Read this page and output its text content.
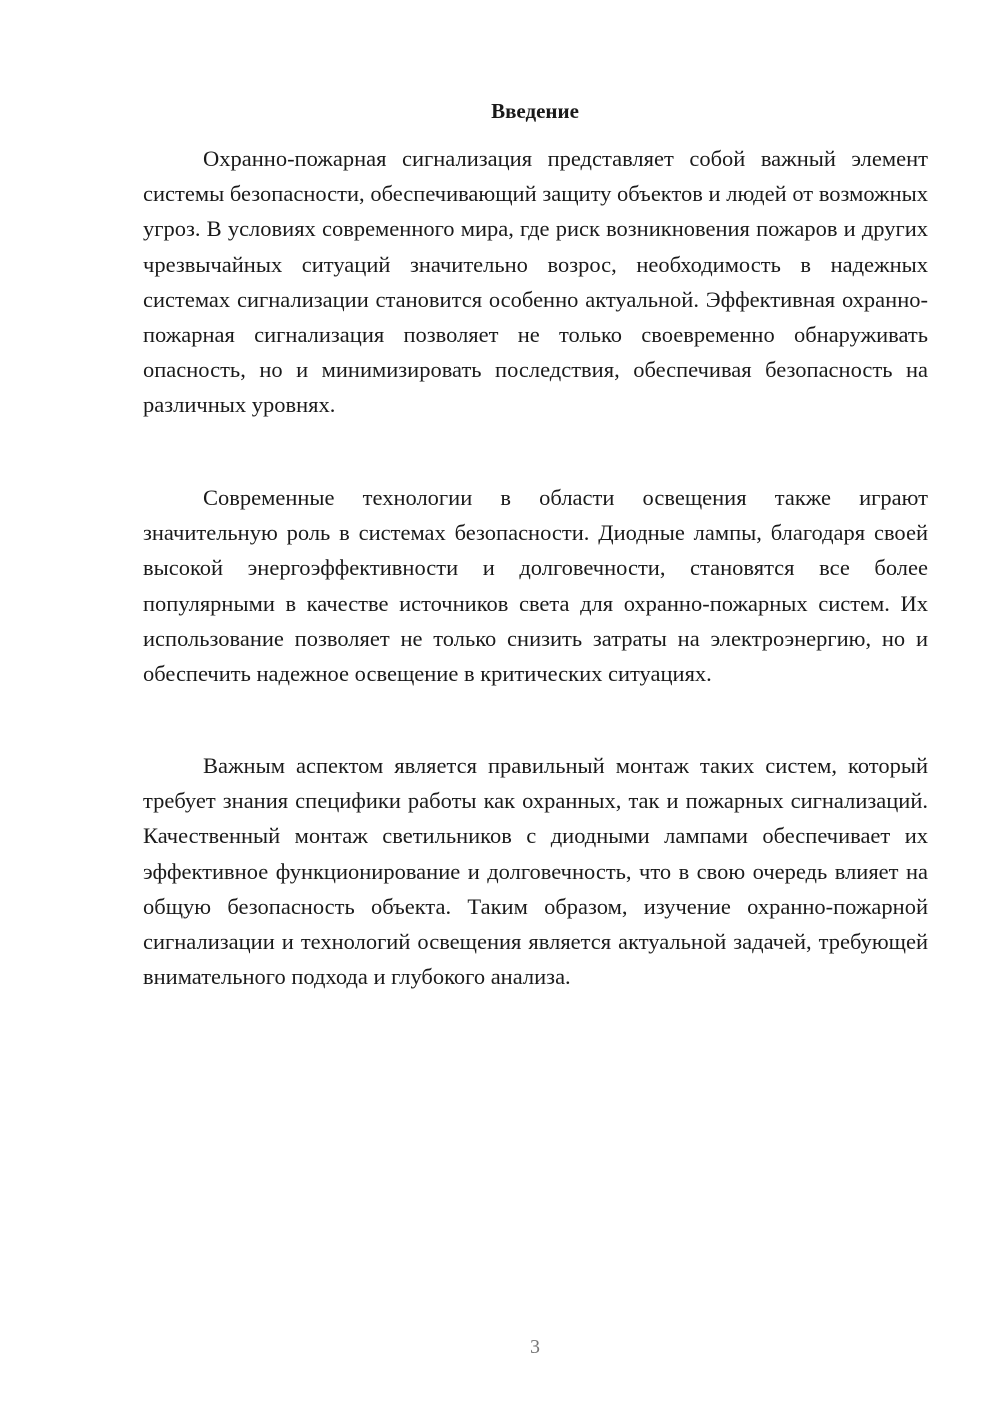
Введение

Охранно-пожарная сигнализация представляет собой важный элемент системы безопасности, обеспечивающий защиту объектов и людей от возможных угроз. В условиях современного мира, где риск возникновения пожаров и других чрезвычайных ситуаций значительно возрос, необходимость в надежных системах сигнализации становится особенно актуальной. Эффективная охранно-пожарная сигнализация позволяет не только своевременно обнаруживать опасность, но и минимизировать последствия, обеспечивая безопасность на различных уровнях.

Современные технологии в области освещения также играют значительную роль в системах безопасности. Диодные лампы, благодаря своей высокой энергоэффективности и долговечности, становятся все более популярными в качестве источников света для охранно-пожарных систем. Их использование позволяет не только снизить затраты на электроэнергию, но и обеспечить надежное освещение в критических ситуациях.

Важным аспектом является правильный монтаж таких систем, который требует знания специфики работы как охранных, так и пожарных сигнализаций. Качественный монтаж светильников с диодными лампами обеспечивает их эффективное функционирование и долговечность, что в свою очередь влияет на общую безопасность объекта. Таким образом, изучение охранно-пожарной сигнализации и технологий освещения является актуальной задачей, требующей внимательного подхода и глубокого анализа.

3
